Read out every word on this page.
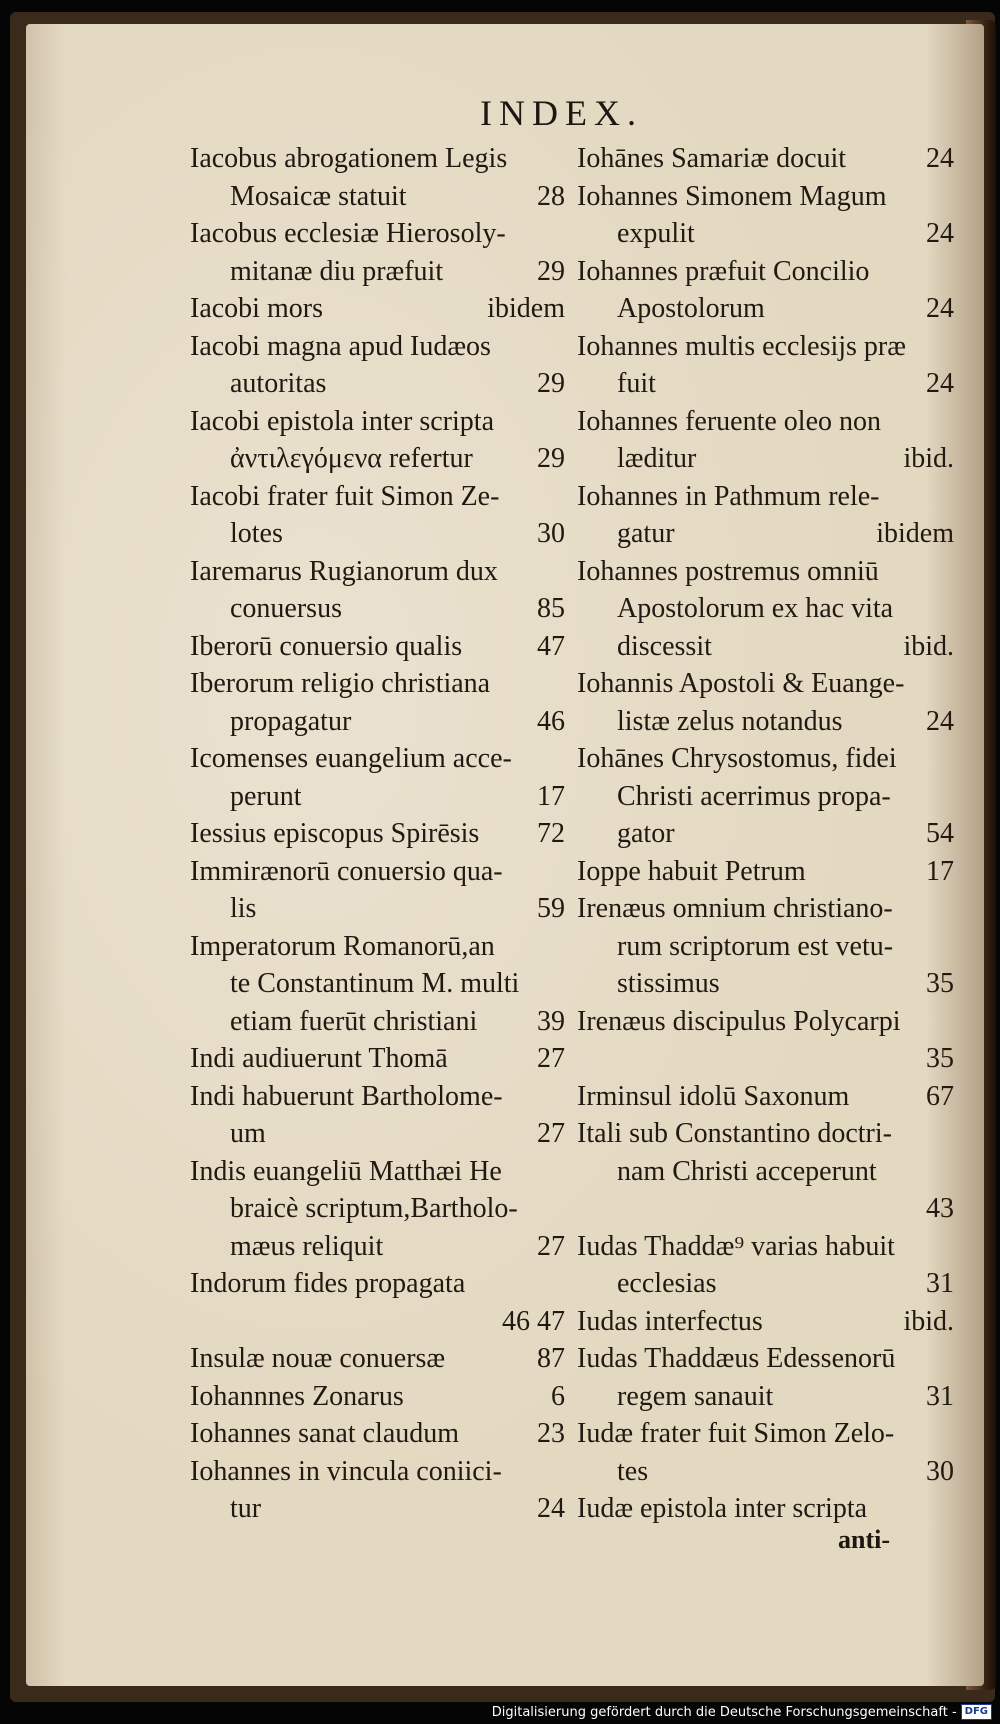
INDEX.
Iacobus abrogationem Legis
Mosaicæ statuit	28
Iacobus ecclesiæ Hierosoly-
mitanæ diu præfuit	29
Iacobi mors	ibidem
Iacobi magna apud Iudæos
autoritas	29
Iacobi epistola inter scripta
ἀντιλεγόμενα refertur 29
Iacobi frater fuit Simon Ze-
lotes	30
Iaremarus Rugianorum dux
conuersus	85
Iberorū conuersio qualis	47
Iberorum religio christiana
propagatur	46
Icomenses euangelium acce-
perunt	17
Iessius episcopus Spirēsis 72
Immirænorū conuersio qua-
lis	59
Imperatorum Romanorū,an
te Constantinum M. multi
etiam fuerūt christiani 39
Indi audiuerunt Thomā	27
Indi habuerunt Bartholome-
um	27
Indis euangeliū Matthæi He
braicè scriptum,Bartholo-
mæus reliquit	27
Indorum fides propagata
46 47
Insulæ nouæ conuersæ	87
Iohannnes Zonarus	6
Iohannes sanat claudum	23
Iohannes in vincula coniici-
tur	24
Iohānes Samariæ docuit	24
Iohannes Simonem Magum
expulit	24
Iohannes præfuit Concilio
Apostolorum	24
Iohannes multis ecclesijs præ
fuit	24
Iohannes feruente oleo non
læditur	ibid.
Iohannes in Pathmum rele-
gatur	ibidem
Iohannes postremus omniū
Apostolorum ex hac vita
discessit	ibid.
Iohannis Apostoli & Euange-
listæ zelus notandus	24
Iohānes Chrysostomus, fidei
Christi acerrimus propa-
gator	54
Ioppe habuit Petrum	17
Irenæus omnium christiano-
rum scriptorum est vetu-
stissimus	35
Irenæus discipulus Polycarpi
35
Irminsul idolū Saxonum	67
Itali sub Constantino doctri-
nam Christi acceperunt
43
Iudas Thaddæ⁹ varias habuit
ecclesias	31
Iudas interfectus	ibid.
Iudas Thaddæus Edessenorū
regem sanauit	31
Iudæ frater fuit Simon Zelo-
tes	30
Iudæ epistola inter scripta
anti-
Digitalisierung gefördert durch die Deutsche Forschungsgemeinschaft - DFG
